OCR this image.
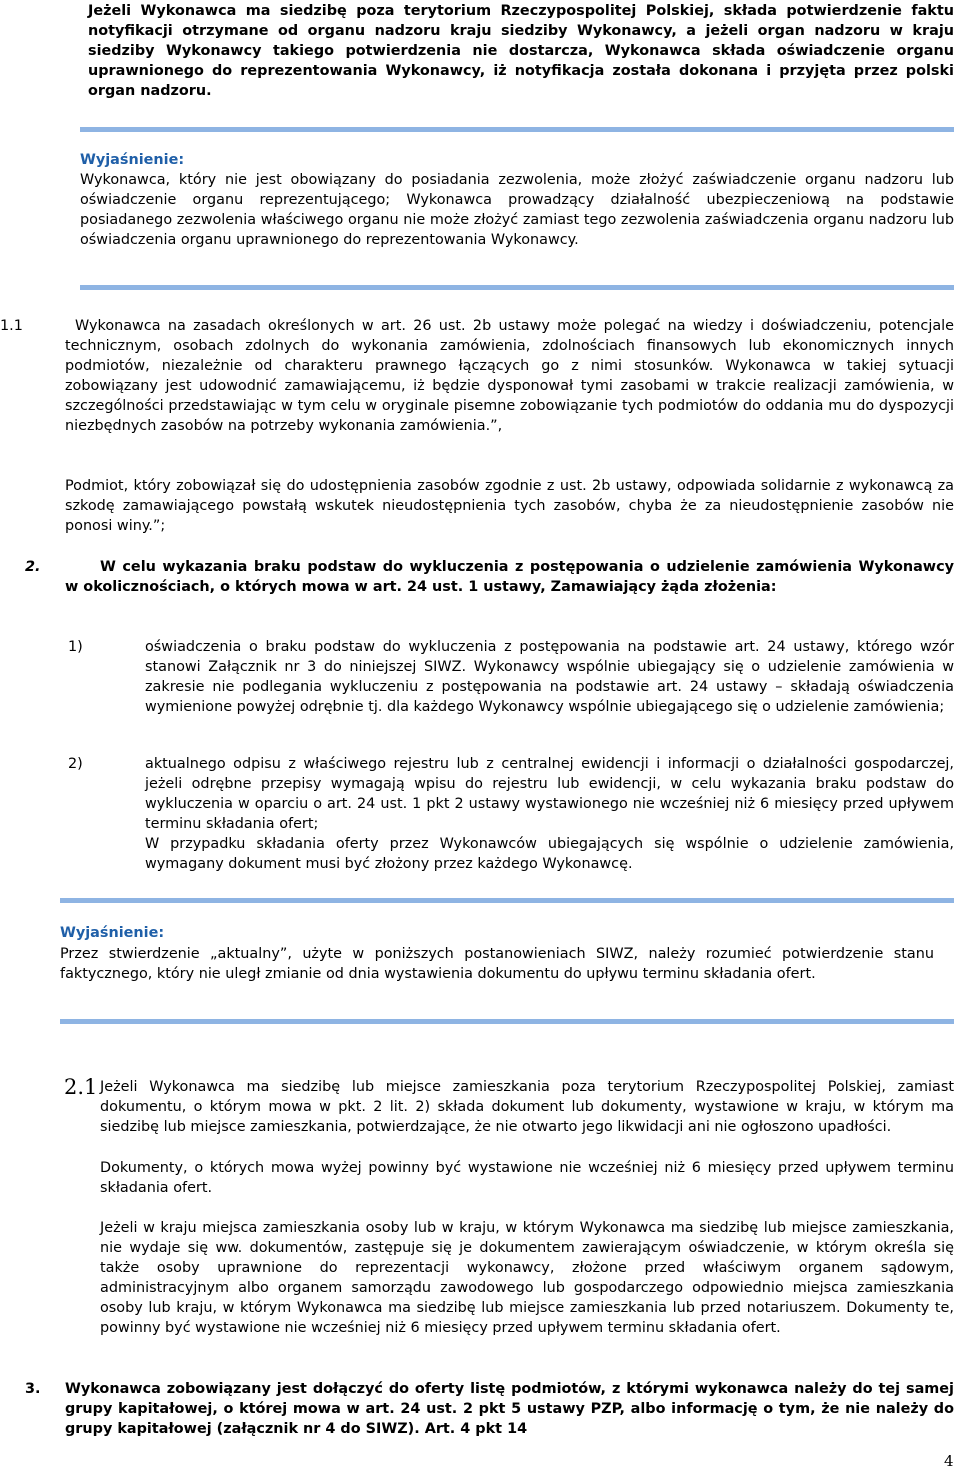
Jeżeli Wykonawca ma siedzibę poza terytorium Rzeczypospolitej Polskiej, składa potwierdzenie faktu notyfikacji otrzymane od organu nadzoru kraju siedziby Wykonawcy, a jeżeli organ nadzoru w kraju siedziby Wykonawcy takiego potwierdzenia nie dostarcza, Wykonawca składa oświadczenie organu uprawnionego do reprezentowania Wykonawcy, iż notyfikacja została dokonana i przyjęta przez polski organ nadzoru.
Wyjaśnienie:
Wykonawca, który nie jest obowiązany do posiadania zezwolenia, może złożyć zaświadczenie organu nadzoru lub oświadczenie organu reprezentującego; Wykonawca prowadzący działalność ubezpieczeniową na podstawie posiadanego zezwolenia właściwego organu nie może złożyć zamiast tego zezwolenia zaświadczenia organu nadzoru lub oświadczenia organu uprawnionego do reprezentowania Wykonawcy.
1.1	Wykonawca na zasadach określonych w art. 26 ust. 2b ustawy może polegać na wiedzy i doświadczeniu, potencjale technicznym, osobach zdolnych do wykonania zamówienia, zdolnościach finansowych lub ekonomicznych innych podmiotów, niezależnie od charakteru prawnego łączących go z nimi stosunków. Wykonawca w takiej sytuacji zobowiązany jest udowodnić zamawiającemu, iż będzie dysponował tymi zasobami w trakcie realizacji zamówienia, w szczególności przedstawiając w tym celu w oryginale pisemne zobowiązanie tych podmiotów do oddania mu do dyspozycji niezbędnych zasobów na potrzeby wykonania zamówienia.”,
Podmiot, który zobowiązał się do udostępnienia zasobów zgodnie z ust. 2b ustawy, odpowiada solidarnie z wykonawcą za szkodę zamawiającego powstałą wskutek nieudostępnienia tych zasobów, chyba że za nieudostępnienie zasobów nie ponosi winy.”;
2.	W celu wykazania braku podstaw do wykluczenia z postępowania o udzielenie zamówienia Wykonawcy w okolicznościach, o których mowa w art. 24 ust. 1 ustawy, Zamawiający żąda złożenia:
1)	oświadczenia o braku podstaw do wykluczenia z postępowania na podstawie art. 24 ustawy, którego wzór stanowi Załącznik nr 3 do niniejszej SIWZ. Wykonawcy wspólnie ubiegający się o udzielenie zamówienia w zakresie nie podlegania wykluczeniu z postępowania na podstawie art. 24 ustawy – składają oświadczenia wymienione powyżej odrębnie tj. dla każdego Wykonawcy wspólnie ubiegającego się o udzielenie zamówienia;
2)	aktualnego odpisu z właściwego rejestru lub z centralnej ewidencji i informacji o działalności gospodarczej, jeżeli odrębne przepisy wymagają wpisu do rejestru lub ewidencji, w celu wykazania braku podstaw do wykluczenia w oparciu o art. 24 ust. 1 pkt 2 ustawy wystawionego nie wcześniej niż 6 miesięcy przed upływem terminu składania ofert;
W przypadku składania oferty przez Wykonawców ubiegających się wspólnie o udzielenie zamówienia, wymagany dokument musi być złożony przez każdego Wykonawcę.
Wyjaśnienie:
Przez stwierdzenie „aktualny”, użyte w poniższych postanowieniach SIWZ, należy rozumieć potwierdzenie stanu faktycznego, który nie uległ zmianie od dnia wystawienia dokumentu do upływu terminu składania ofert.
2.1 Jeżeli Wykonawca ma siedzibę lub miejsce zamieszkania poza terytorium Rzeczypospolitej Polskiej, zamiast dokumentu, o którym mowa w pkt. 2 lit. 2) składa dokument lub dokumenty, wystawione w kraju, w którym ma siedzibę lub miejsce zamieszkania, potwierdzające, że nie otwarto jego likwidacji ani nie ogłoszono upadłości.
Dokumenty, o których mowa wyżej powinny być wystawione nie wcześniej niż 6 miesięcy przed upływem terminu składania ofert.
Jeżeli w kraju miejsca zamieszkania osoby lub w kraju, w którym Wykonawca ma siedzibę lub miejsce zamieszkania, nie wydaje się ww. dokumentów, zastępuje się je dokumentem zawierającym oświadczenie, w którym określa się także osoby uprawnione do reprezentacji wykonawcy, złożone przed właściwym organem sądowym, administracyjnym albo organem samorządu zawodowego lub gospodarczego odpowiednio miejsca zamieszkania osoby lub kraju, w którym Wykonawca ma siedzibę lub miejsce zamieszkania lub przed notariuszem. Dokumenty te, powinny być wystawione nie wcześniej niż 6 miesięcy przed upływem terminu składania ofert.
3. Wykonawca zobowiązany jest dołączyć do oferty listę podmiotów, z którymi wykonawca należy do tej samej grupy kapitałowej, o której mowa w art. 24 ust. 2 pkt 5 ustawy PZP, albo informację o tym, że nie należy do grupy kapitałowej (załącznik nr 4 do SIWZ). Art. 4 pkt 14
4
